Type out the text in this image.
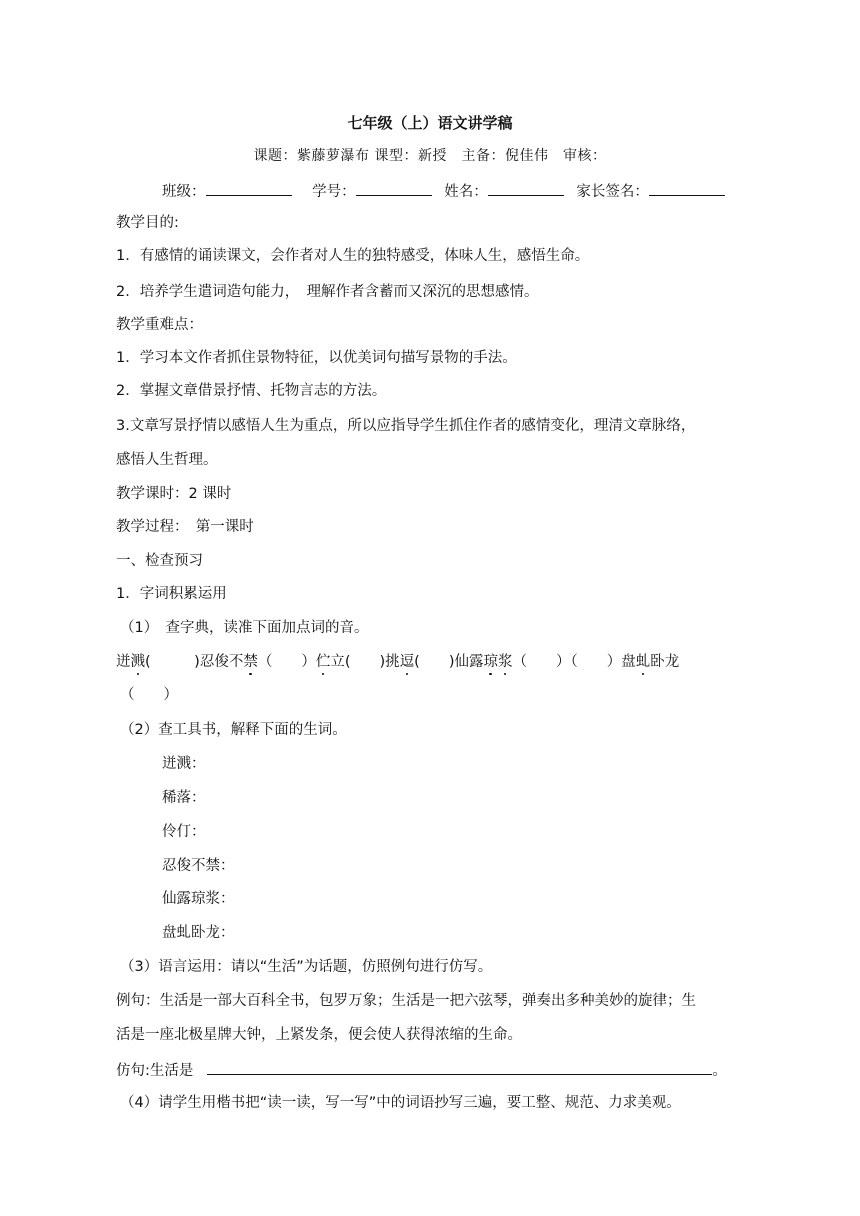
七年级（上）语文讲学稿
课题：紫藤萝瀑布 课型：新授　主备：倪佳伟　审核：
班级：	学号：	姓名：	家长签名：
教学目的:
1．有感情的诵读课文，会作者对人生的独特感受，体味人生，感悟生命。
2．培养学生遣词造句能力，　理解作者含蓄而又深沉的思想感情。
教学重难点：
1．学习本文作者抓住景物特征，以优美词句描写景物的手法。
2．掌握文章借景抒情、托物言志的方法。
3.文章写景抒情以感悟人生为重点，所以应指导学生抓住作者的感情变化，理清文章脉络，
感悟人生哲理。
教学课时：2 课时
教学过程：　第一课时
一、检查预习
1．字词积累运用
（1）　查字典，读准下面加点词的音。
迸溅(　　　)忍俊不禁（　　）伫立(　　)挑逗(　　)仙露琼浆（　　）（　　）盘虬卧龙
（　　）
（2）查工具书，解释下面的生词。
迸溅：
稀落：
伶仃：
忍俊不禁：
仙露琼浆：
盘虬卧龙：
（3）语言运用：请以“生活”为话题，仿照例句进行仿写。
例句：生活是一部大百科全书，包罗万象；生活是一把六弦琴，弹奏出多种美妙的旋律；生
活是一座北极星牌大钟，上紧发条，便会使人获得浓缩的生命。
仿句:生活是	。
（4）请学生用楷书把“读一读，写一写”中的词语抄写三遍，要工整、规范、力求美观。
